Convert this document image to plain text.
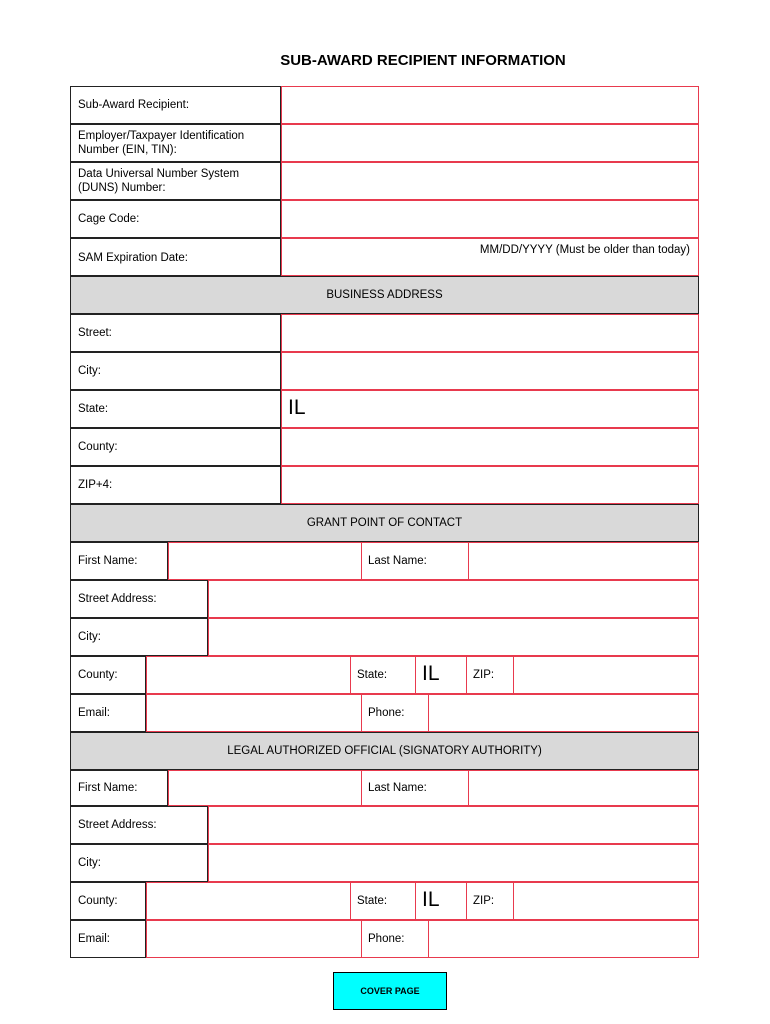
SUB-AWARD RECIPIENT INFORMATION
Sub-Award Recipient:
Employer/Taxpayer Identification
Number (EIN, TIN):
Data Universal Number System
(DUNS) Number:
Cage Code:
SAM Expiration Date:
MM/DD/YYYY (Must be older than today)
BUSINESS ADDRESS
Street:
City:
State:	IL
County:
ZIP+4:
GRANT POINT OF CONTACT
First Name:	Last Name:
Street Address:
City:
County:	State:	IL	ZIP:
Email:	Phone:
LEGAL AUTHORIZED OFFICIAL (SIGNATORY AUTHORITY)
First Name:	Last Name:
Street Address:
City:
County:	State:	IL	ZIP:
Email:	Phone:
COVER PAGE
